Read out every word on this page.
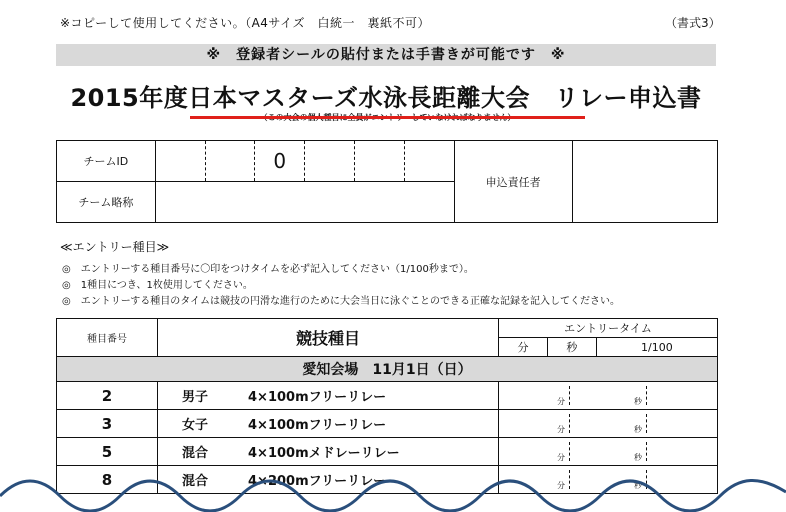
※コピーして使用してください。（A4サイズ　白統一　裏紙不可）	（書式3）
※　登録者シールの貼付または手書きが可能です　※
2015年度日本マスターズ水泳長距離大会　リレー申込書
チームID			0				申込責任者	
チーム略称								
≪エントリー種目≫
◎　エントリーする種目番号に〇印をつけタイムを必ず記入してください（1/100秒まで）。
◎　1種目につき、1枚使用してください。
◎　エントリーする種目のタイムは競技の円滑な進行のために大会当日に泳ぐことのできる正確な記録を記入してください。
種目番号	競技種目	エントリータイム		
		分	秒	1/100
愛知会場　11月1日（日）				
2	男子 4×100mフリーリレー	分 秒		

3	女子 4×100mフリーリレー	分 秒		

5	混合 4×100mメドレーリレー	分 秒		

8	混合 4×200mフリーリレー	分 秒		
